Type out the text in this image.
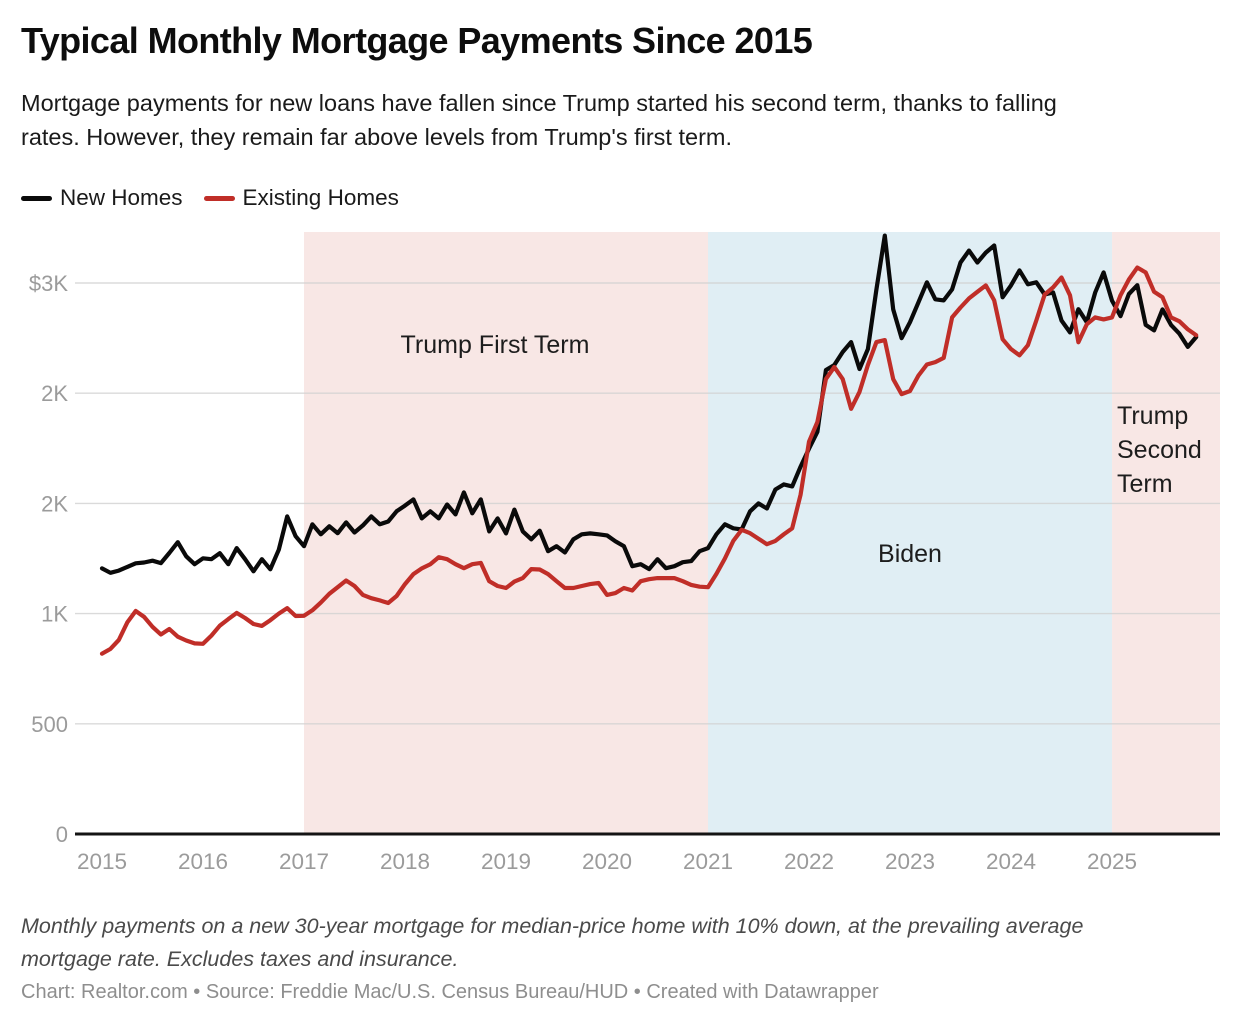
Typical Monthly Mortgage Payments Since 2015

Mortgage payments for new loans have fallen since Trump started his second term, thanks to falling rates. However, they remain far above levels from Trump's first term.

New Homes	Existing Homes
0
500
1K
2K
2K
$3K
2015 2016 2017 2018 2019 2020 2021 2022 2023 2024 2025
Trump First Term
Biden
Trump Second Term

Monthly payments on a new 30-year mortgage for median-price home with 10% down, at the prevailing average mortgage rate. Excludes taxes and insurance.

Chart: Realtor.com • Source: Freddie Mac/U.S. Census Bureau/HUD • Created with Datawrapper
